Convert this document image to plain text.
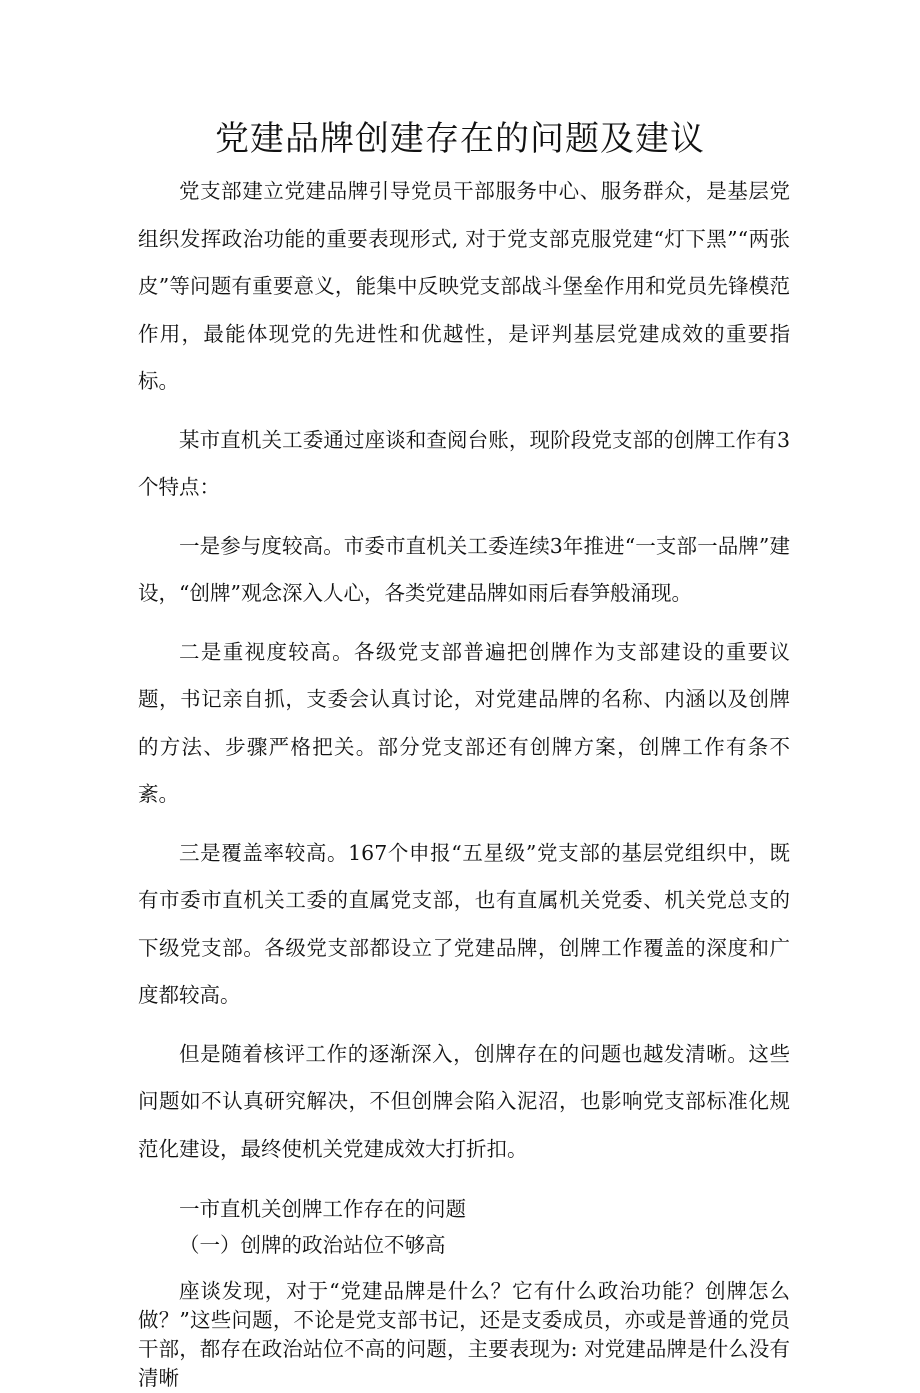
党建品牌创建存在的问题及建议

党支部建立党建品牌引导党员干部服务中心、服务群众，是基层党组织发挥政治功能的重要表现形式, 对于党支部克服党建“灯下黑”“两张皮”等问题有重要意义，能集中反映党支部战斗堡垒作用和党员先锋模范作用，最能体现党的先进性和优越性，是评判基层党建成效的重要指标。

某市直机关工委通过座谈和查阅台账，现阶段党支部的创牌工作有3个特点：

一是参与度较高。市委市直机关工委连续3年推进“一支部一品牌”建设，“创牌”观念深入人心，各类党建品牌如雨后春笋般涌现。

二是重视度较高。各级党支部普遍把创牌作为支部建设的重要议题，书记亲自抓，支委会认真讨论，对党建品牌的名称、内涵以及创牌的方法、步骤严格把关。部分党支部还有创牌方案，创牌工作有条不紊。

三是覆盖率较高。167个申报“五星级”党支部的基层党组织中，既有市委市直机关工委的直属党支部，也有直属机关党委、机关党总支的下级党支部。各级党支部都设立了党建品牌，创牌工作覆盖的深度和广度都较高。

但是随着核评工作的逐渐深入，创牌存在的问题也越发清晰。这些问题如不认真研究解决，不但创牌会陷入泥沼，也影响党支部标准化规范化建设，最终使机关党建成效大打折扣。

一市直机关创牌工作存在的问题

（一）创牌的政治站位不够高

座谈发现，对于“党建品牌是什么？它有什么政治功能？创牌怎么做？”这些问题，不论是党支部书记，还是支委成员，亦或是普通的党员干部，都存在政治站位不高的问题，主要表现为: 对党建品牌是什么没有清晰
